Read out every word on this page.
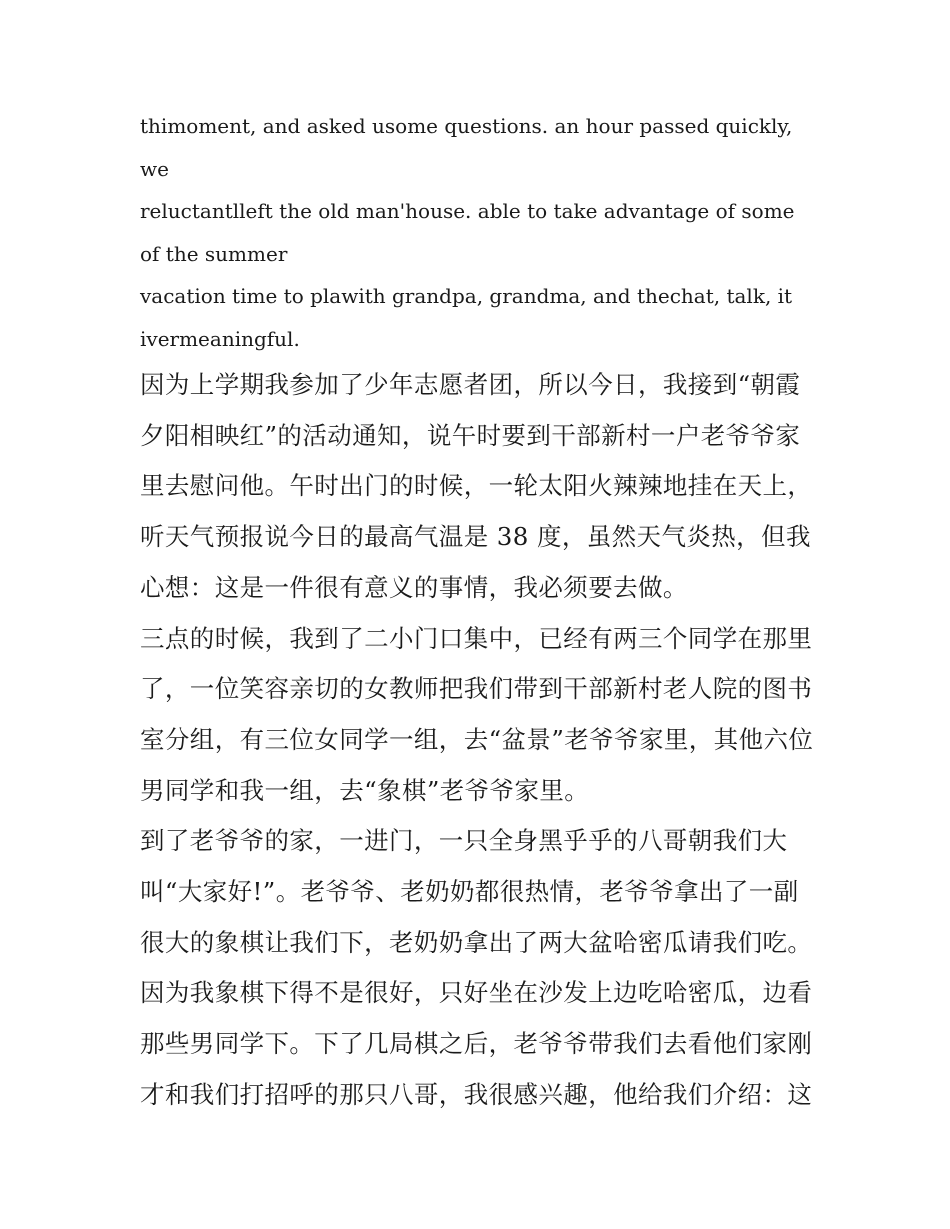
thimoment, and asked usome questions. an hour passed quickly,
we
reluctantlleft the old man'house. able to take advantage of some
of the summer
vacation time to plawith grandpa, grandma, and thechat, talk, it
ivermeaningful.

因为上学期我参加了少年志愿者团，所以今日，我接到“朝霞
夕阳相映红”的活动通知，说午时要到干部新村一户老爷爷家
里去慰问他。午时出门的时候，一轮太阳火辣辣地挂在天上，
听天气预报说今日的最高气温是 38 度，虽然天气炎热，但我
心想：这是一件很有意义的事情，我必须要去做。

三点的时候，我到了二小门口集中，已经有两三个同学在那里
了，一位笑容亲切的女教师把我们带到干部新村老人院的图书
室分组，有三位女同学一组，去“盆景”老爷爷家里，其他六位
男同学和我一组，去“象棋”老爷爷家里。

到了老爷爷的家，一进门，一只全身黑乎乎的八哥朝我们大
叫“大家好!”。老爷爷、老奶奶都很热情，老爷爷拿出了一副
很大的象棋让我们下，老奶奶拿出了两大盆哈密瓜请我们吃。
因为我象棋下得不是很好，只好坐在沙发上边吃哈密瓜，边看
那些男同学下。下了几局棋之后，老爷爷带我们去看他们家刚
才和我们打招呼的那只八哥，我很感兴趣，他给我们介绍：这
